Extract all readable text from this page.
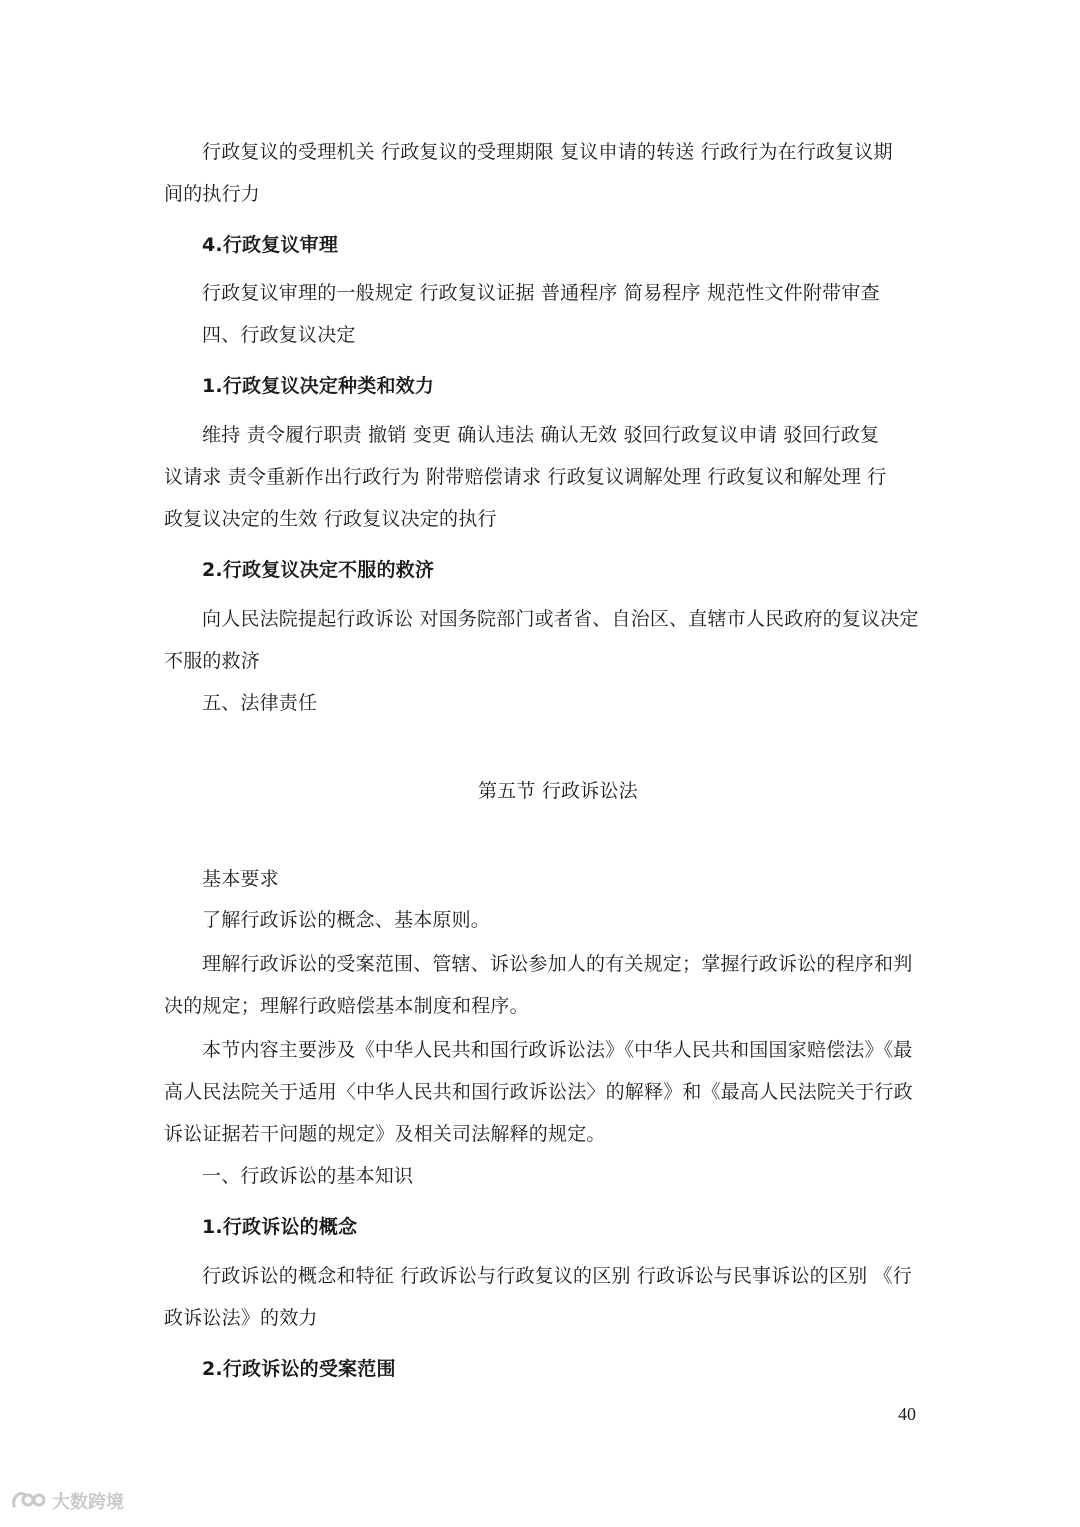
行政复议的受理机关 行政复议的受理期限 复议申请的转送 行政行为在行政复议期
间的执行力
4.行政复议审理
行政复议审理的一般规定 行政复议证据 普通程序 简易程序 规范性文件附带审查
四、行政复议决定
1.行政复议决定种类和效力
维持 责令履行职责 撤销 变更 确认违法 确认无效 驳回行政复议申请 驳回行政复
议请求 责令重新作出行政行为 附带赔偿请求 行政复议调解处理 行政复议和解处理 行
政复议决定的生效 行政复议决定的执行
2.行政复议决定不服的救济
向人民法院提起行政诉讼 对国务院部门或者省、自治区、直辖市人民政府的复议决定
不服的救济
五、法律责任
第五节 行政诉讼法
基本要求
了解行政诉讼的概念、基本原则。
理解行政诉讼的受案范围、管辖、诉讼参加人的有关规定；掌握行政诉讼的程序和判
决的规定；理解行政赔偿基本制度和程序。
本节内容主要涉及《中华人民共和国行政诉讼法》《中华人民共和国国家赔偿法》《最
高人民法院关于适用〈中华人民共和国行政诉讼法〉的解释》和《最高人民法院关于行政
诉讼证据若干问题的规定》及相关司法解释的规定。
一、行政诉讼的基本知识
1.行政诉讼的概念
行政诉讼的概念和特征 行政诉讼与行政复议的区别 行政诉讼与民事诉讼的区别 《行
政诉讼法》的效力
2.行政诉讼的受案范围
40
大数跨境
